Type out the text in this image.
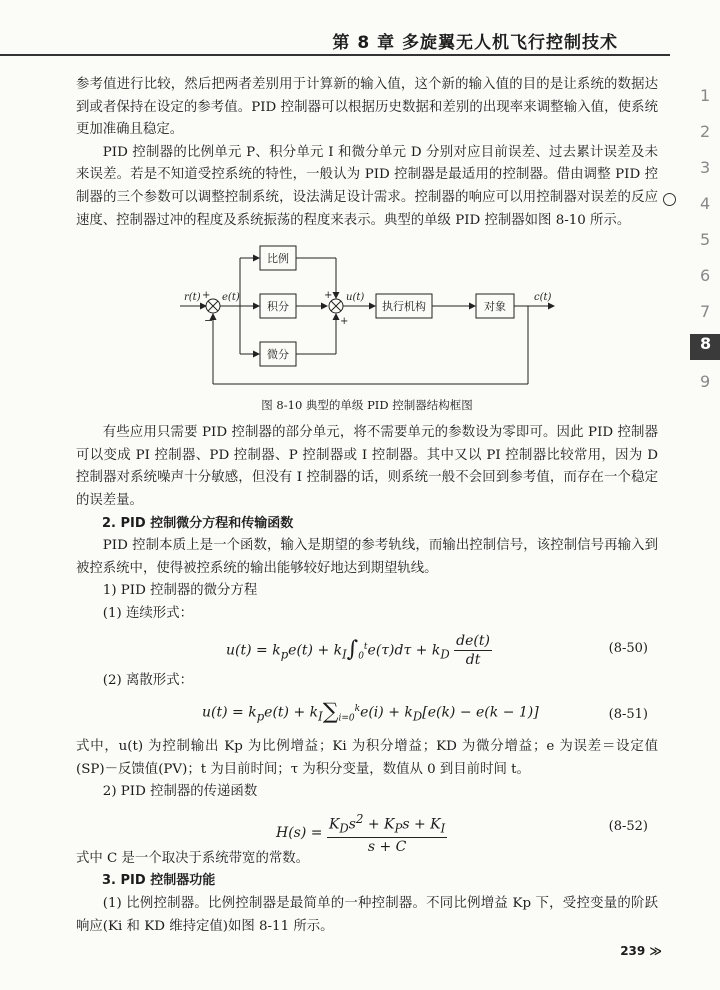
第 8 章 多旋翼无人机飞行控制技术
1
2
3
4
5
6
7
8
9

参考值进行比较，然后把两者差别用于计算新的输入值，这个新的输入值的目的是让系统的数据达到或者保持在设定的参考值。PID 控制器可以根据历史数据和差别的出现率来调整输入值，使系统更加准确且稳定。

PID 控制器的比例单元 P、积分单元 I 和微分单元 D 分别对应目前误差、过去累计误差及未来误差。若是不知道受控系统的特性，一般认为 PID 控制器是最适用的控制器。借由调整 PID 控制器的三个参数可以调整控制系统，设法满足设计需求。控制器的响应可以用控制器对误差的反应速度、控制器过冲的程度及系统振荡的程度来表示。典型的单级 PID 控制器如图 8-10 所示。

比例
积分
微分
执行机构	对象
r(t) e(t)	u(t)	c(t)
+
−
+
+
图 8-10 典型的单级 PID 控制器结构框图

有些应用只需要 PID 控制器的部分单元，将不需要单元的参数设为零即可。因此 PID 控制器可以变成 PI 控制器、PD 控制器、P 控制器或 I 控制器。其中又以 PI 控制器比较常用，因为 D 控制器对系统噪声十分敏感，但没有 I 控制器的话，则系统一般不会回到参考值，而存在一个稳定的误差量。

2. PID 控制微分方程和传输函数

PID 控制本质上是一个函数，输入是期望的参考轨线，而输出控制信号，该控制信号再输入到被控系统中，使得被控系统的输出能够较好地达到期望轨线。

1) PID 控制器的微分方程

(1) 连续形式：

$u(t) = k_pe(t) + k_I\int_0^te(\tau)d\tau + k_D \frac{de(t)}{dt}$	(8-50)

(2) 离散形式：

$u(t) = k_pe(t) + k_I\sum_{i=0}^ke(i) + k_D[e(k) - e(k - 1)]$	(8-51)

式中，u(t) 为控制输出 Kp 为比例增益；Ki 为积分增益；KD 为微分增益；e 为误差＝设定值(SP)－反馈值(PV)；t 为目前时间；τ 为积分变量，数值从 0 到目前时间 t。

2) PID 控制器的传递函数

$H(s) = \frac{K_Ds^2 + K_Ps + K_I}{s + C}$	(8-52)

式中 C 是一个取决于系统带宽的常数。

3. PID 控制器功能

(1) 比例控制器。比例控制器是最简单的一种控制器。不同比例增益 Kp 下，受控变量的阶跃响应(Ki 和 KD 维持定值)如图 8-11 所示。

239 ≫
